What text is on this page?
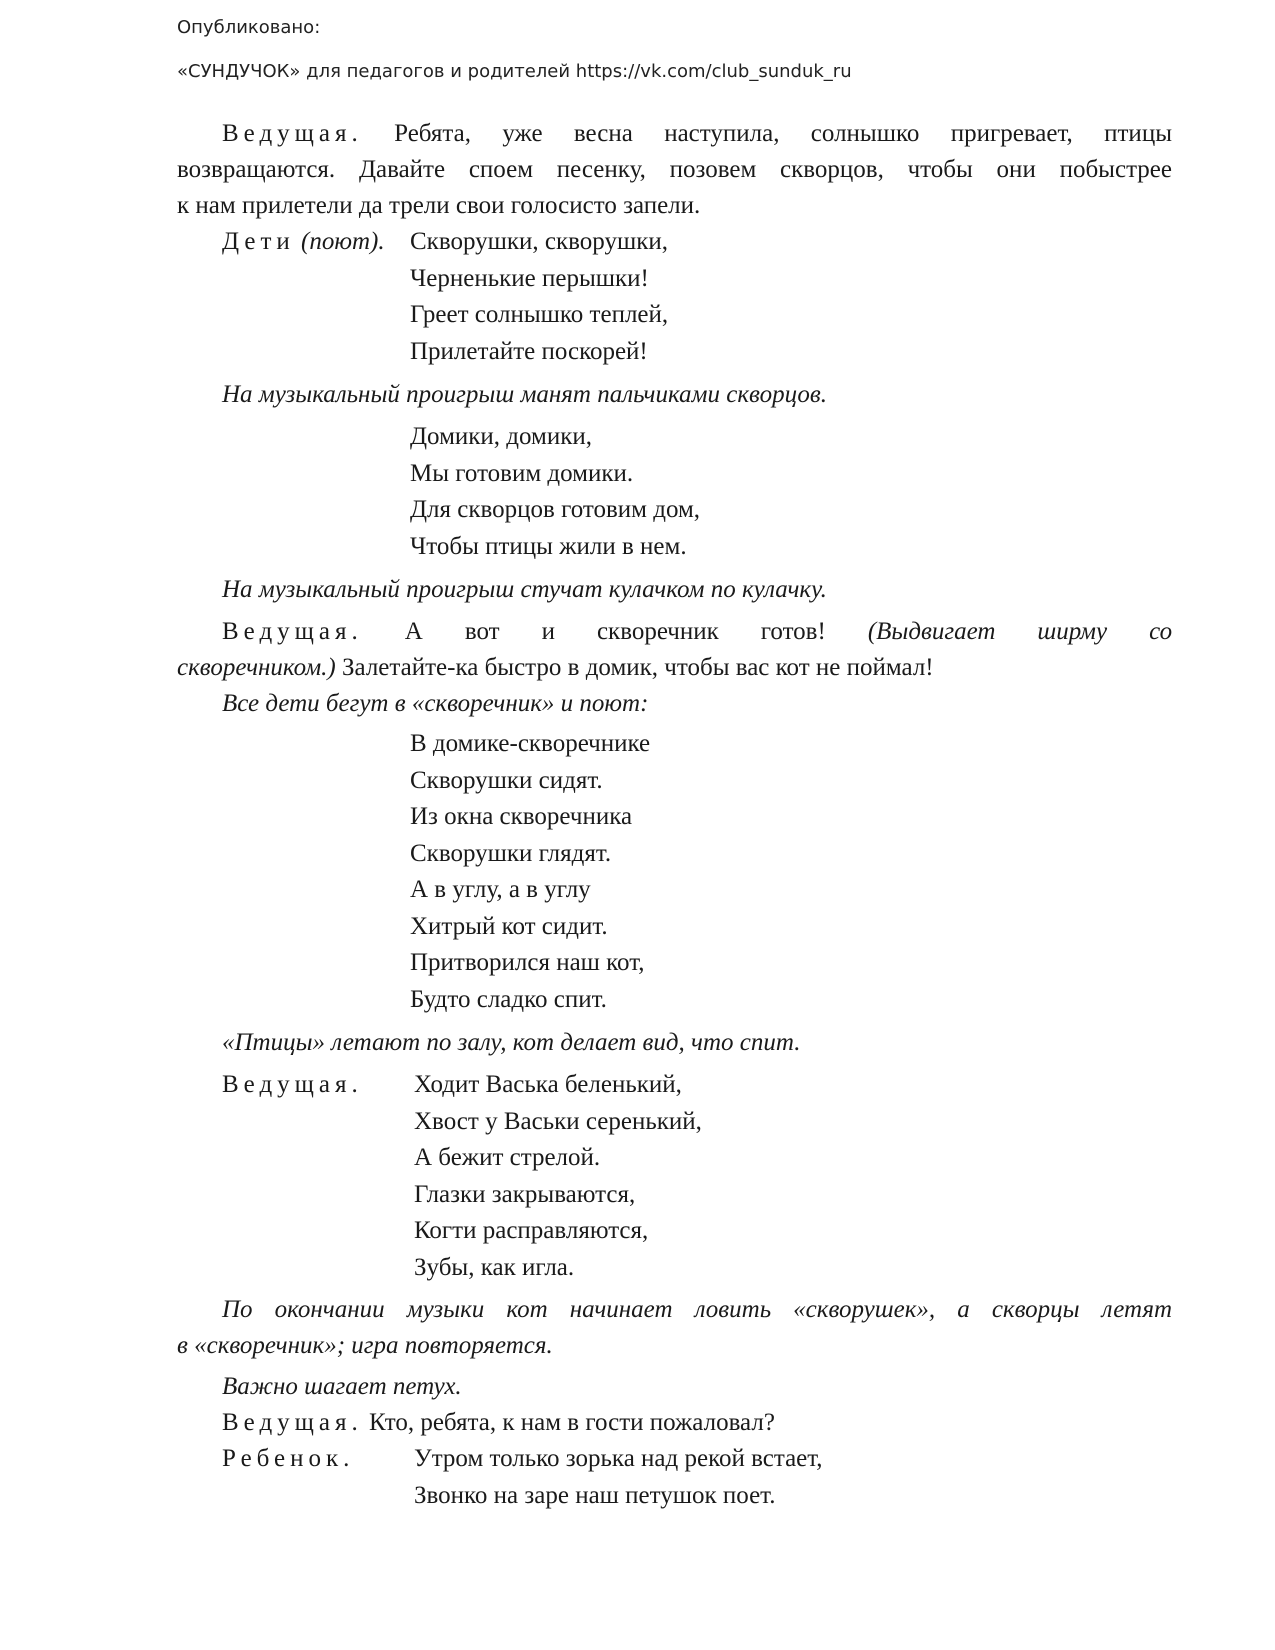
Опубликовано:
«СУНДУЧОК» для педагогов и родителей https://vk.com/club_sunduk_ru
Ведущая. Ребята, уже весна наступила, солнышко пригревает, птицы
возвращаются. Давайте споем песенку, позовем скворцов, чтобы они побыстрее
к нам прилетели да трели свои голосисто запели.
Дети (поют). Скворушки, скворушки,
Черненькие перышки!
Греет солнышко теплей,
Прилетайте поскорей!
На музыкальный проигрыш манят пальчиками скворцов.
Домики, домики,
Мы готовим домики.
Для скворцов готовим дом,
Чтобы птицы жили в нем.
На музыкальный проигрыш стучат кулачком по кулачку.
Ведущая. А вот и скворечник готов! (Выдвигает ширму со
скворечником.) Залетайте-ка быстро в домик, чтобы вас кот не поймал!
Все дети бегут в «скворечник» и поют:
В домике-скворечнике
Скворушки сидят.
Из окна скворечника
Скворушки глядят.
А в углу, а в углу
Хитрый кот сидит.
Притворился наш кот,
Будто сладко спит.
«Птицы» летают по залу, кот делает вид, что спит.
Ведущая. Ходит Васька беленький,
Хвост у Васьки серенький,
А бежит стрелой.
Глазки закрываются,
Когти расправляются,
Зубы, как игла.
По окончании музыки кот начинает ловить «скворушек», а скворцы летят
в «скворечник»; игра повторяется.
Важно шагает петух.
Ведущая. Кто, ребята, к нам в гости пожаловал?
Ребенок. Утром только зорька над рекой встает,
Звонко на заре наш петушок поет.
